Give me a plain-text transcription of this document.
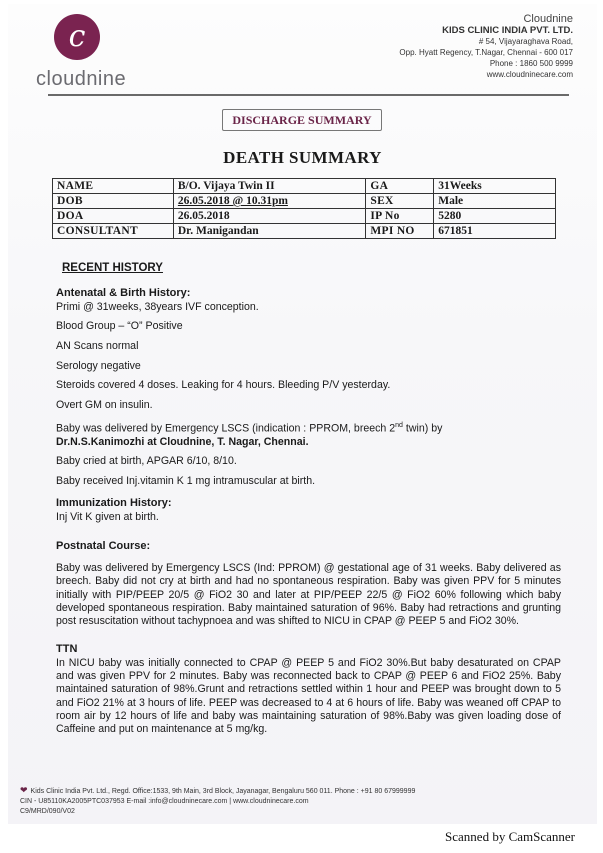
c
cloudnine
Cloudnine
KIDS CLINIC INDIA PVT. LTD.
# 54, Vijayaraghava Road,
Opp. Hyatt Regency, T.Nagar, Chennai - 600 017
Phone : 1860 500 9999
www.cloudninecare.com
DISCHARGE SUMMARY
DEATH SUMMARY
NAME	B/O. Vijaya Twin II	GA	31Weeks
DOB	26.05.2018 @ 10.31pm	SEX	Male
DOA	26.05.2018	IP No	5280
CONSULTANT	Dr. Manigandan	MPI NO	671851
RECENT HISTORY
Antenatal & Birth History:
Primi @ 31weeks, 38years IVF conception.
Blood Group – “O” Positive
AN Scans normal
Serology negative
Steroids covered 4 doses. Leaking for 4 hours. Bleeding P/V yesterday.
Overt GM on insulin.
Baby was delivered by Emergency LSCS (indication : PPROM, breech 2nd twin) by
Dr.N.S.Kanimozhi at Cloudnine, T. Nagar, Chennai.
Baby cried at birth, APGAR 6/10, 8/10.
Baby received Inj.vitamin K 1 mg intramuscular at birth.
Immunization History:
Inj Vit K given at birth.
Postnatal Course:
Baby was delivered by Emergency LSCS (Ind: PPROM) @ gestational age of 31 weeks. Baby delivered as breech. Baby did not cry at birth and had no spontaneous respiration. Baby was given PPV for 5 minutes initially with PIP/PEEP 20/5 @ FiO2 30 and later at PIP/PEEP 22/5 @ FiO2 60% following which baby developed spontaneous respiration. Baby maintained saturation of 96%. Baby had retractions and grunting post resuscitation without tachypnoea and was shifted to NICU in CPAP @ PEEP 5 and FiO2 30%.
TTN
In NICU baby was initially connected to CPAP @ PEEP 5 and FiO2 30%.But baby desaturated on CPAP and was given PPV for 2 minutes. Baby was reconnected back to CPAP @ PEEP 6 and FiO2 25%. Baby maintained saturation of 98%.Grunt and retractions settled within 1 hour and PEEP was brought down to 5 and FiO2 21% at 3 hours of life. PEEP was decreased to 4 at 6 hours of life. Baby was weaned off CPAP to room air by 12 hours of life and baby was maintaining saturation of 98%.Baby was given loading dose of Caffeine and put on maintenance at 5 mg/kg.
❤ Kids Clinic India Pvt. Ltd., Regd. Office:1533, 9th Main, 3rd Block, Jayanagar, Bengaluru 560 011. Phone : +91 80 67999999
CIN - U85110KA2005PTC037953 E-mail :info@cloudninecare.com | www.cloudninecare.com
C9/MRD/090/V02
Scanned by CamScanner
